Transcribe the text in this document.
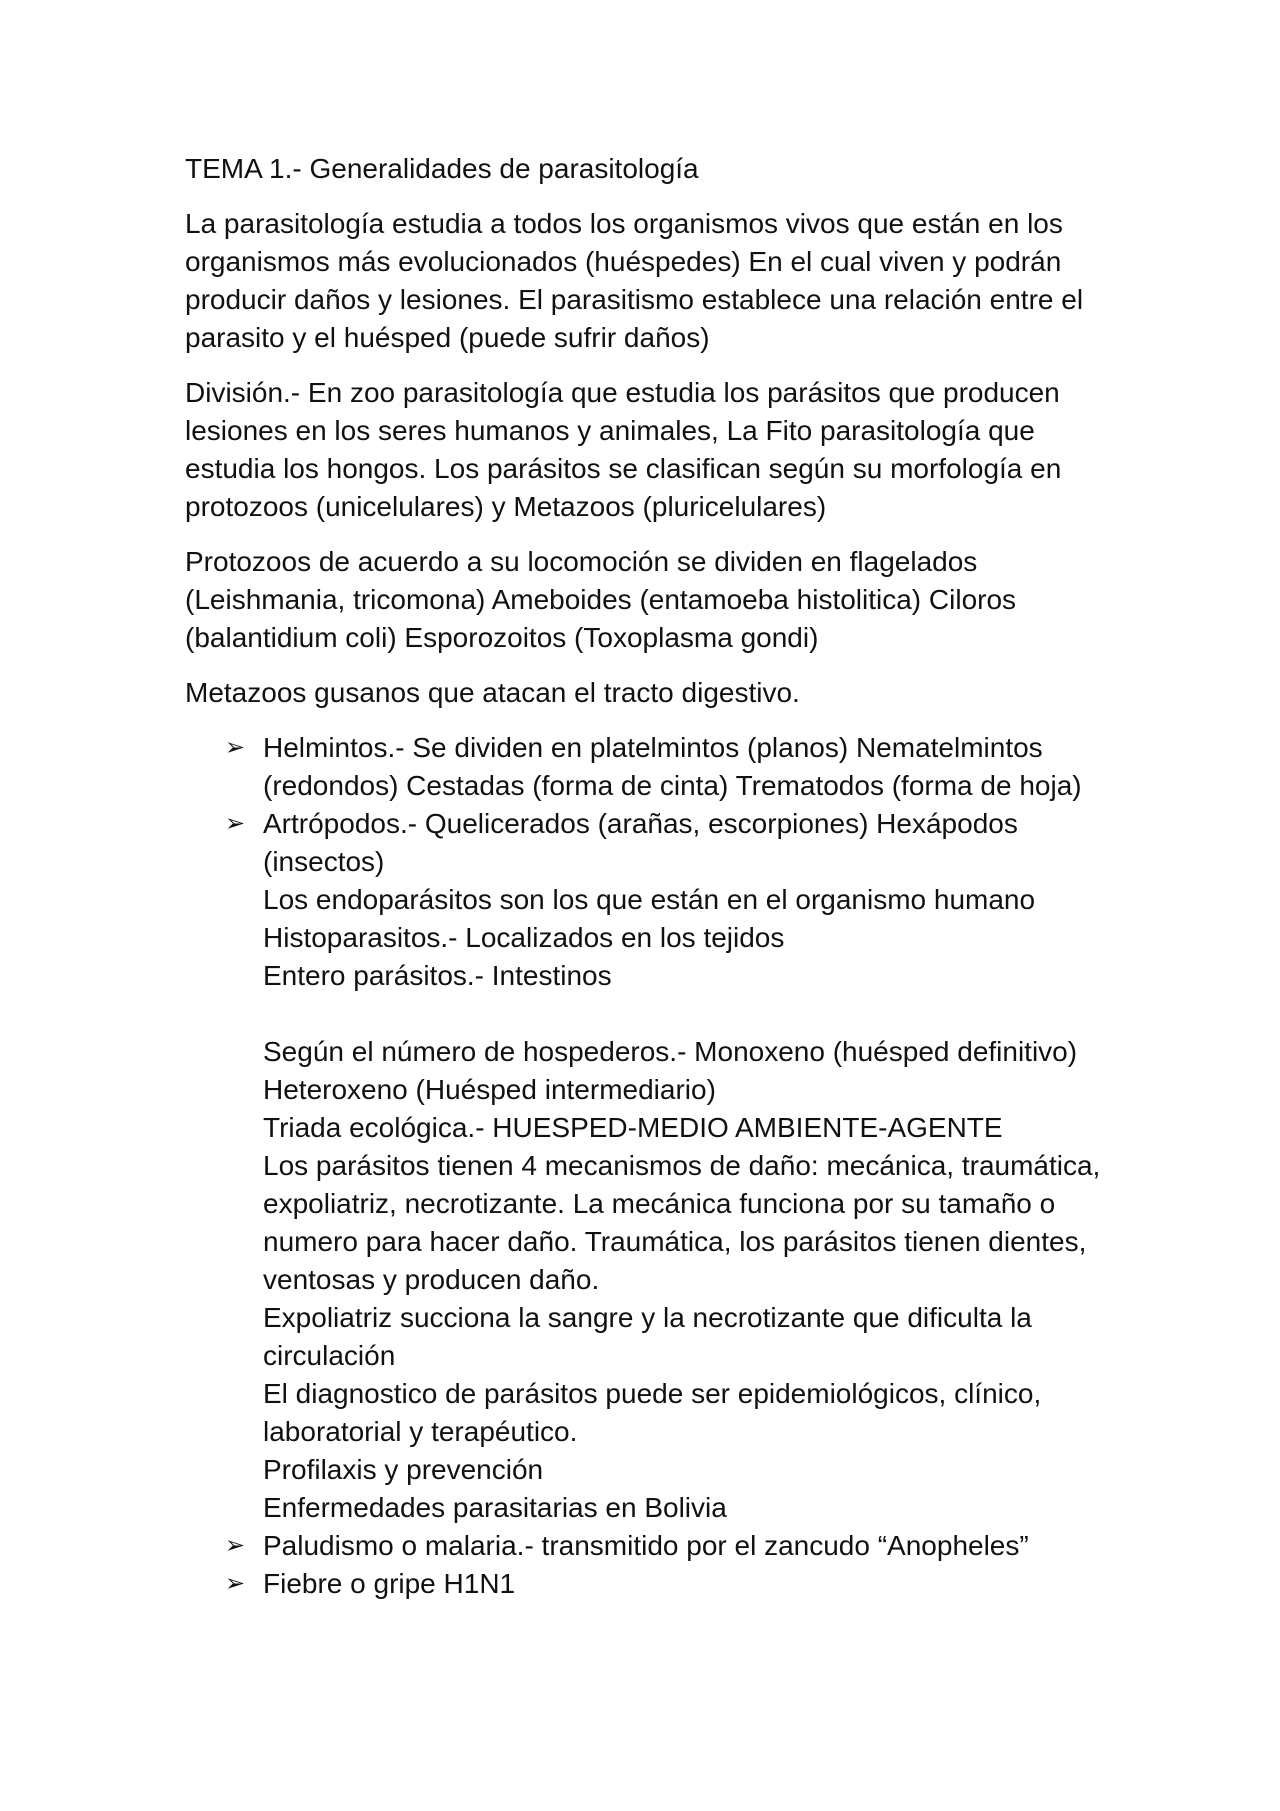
TEMA 1.- Generalidades de parasitología

La parasitología estudia a todos los organismos vivos que están en los organismos más evolucionados (huéspedes) En el cual viven y podrán producir daños y lesiones. El parasitismo establece una relación entre el parasito y el huésped (puede sufrir daños)

División.- En zoo parasitología que estudia los parásitos que producen lesiones en los seres humanos y animales, La Fito parasitología que estudia los hongos. Los parásitos se clasifican según su morfología en protozoos (unicelulares) y Metazoos (pluricelulares)

Protozoos de acuerdo a su locomoción se dividen en flagelados (Leishmania, tricomona) Ameboides (entamoeba histolitica) Ciloros (balantidium coli) Esporozoitos (Toxoplasma gondi)

Metazoos gusanos que atacan el tracto digestivo.

➢ Helmintos.- Se dividen en platelmintos (planos) Nematelmintos (redondos) Cestadas (forma de cinta) Trematodos (forma de hoja)
➢ Artrópodos.- Quelicerados (arañas, escorpiones) Hexápodos (insectos)
Los endoparásitos son los que están en el organismo humano
Histoparasitos.- Localizados en los tejidos
Entero parásitos.- Intestinos
Según el número de hospederos.- Monoxeno (huésped definitivo) Heteroxeno (Huésped intermediario)
Triada ecológica.- HUESPED-MEDIO AMBIENTE-AGENTE
Los parásitos tienen 4 mecanismos de daño: mecánica, traumática, expoliatriz, necrotizante. La mecánica funciona por su tamaño o numero para hacer daño. Traumática, los parásitos tienen dientes, ventosas y producen daño.
Expoliatriz succiona la sangre y la necrotizante que dificulta la circulación
El diagnostico de parásitos puede ser epidemiológicos, clínico, laboratorial y terapéutico.
Profilaxis y prevención
Enfermedades parasitarias en Bolivia
➢ Paludismo o malaria.- transmitido por el zancudo “Anopheles”
➢ Fiebre o gripe H1N1
